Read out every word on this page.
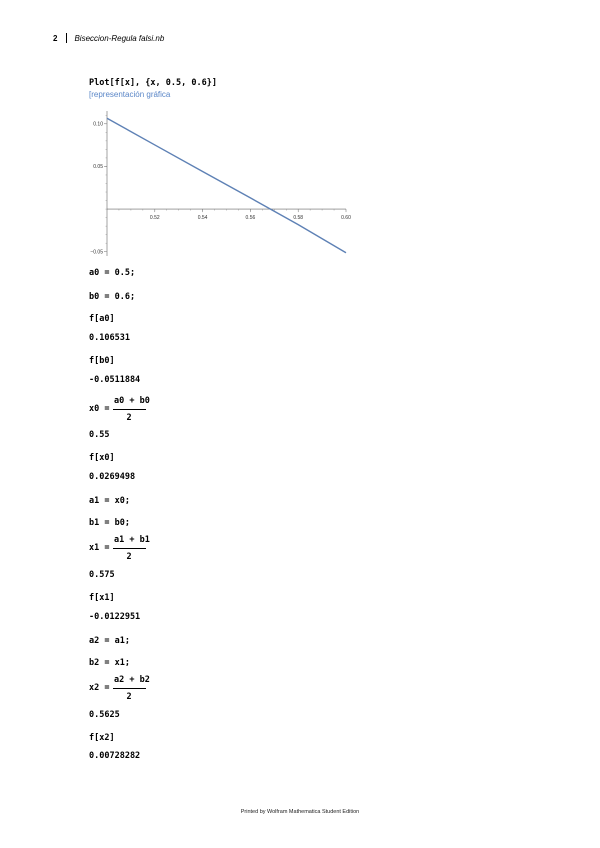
2 Biseccion-Regula falsi.nb
Plot[f[x], {x, 0.5, 0.6}]
[representación gráfica
0.52	0.54	0.56	0.58	0.60
0.10
0.05
−0.05
a0 = 0.5;
b0 = 0.6;
f[a0]
0.106531
f[b0]
-0.0511884
x0 =
a0 + b0
2
0.55
f[x0]
0.0269498
a1 = x0;
b1 = b0;
x1 =
a1 + b1
2
0.575
f[x1]
-0.0122951
a2 = a1;
b2 = x1;
x2 =
a2 + b2
2
0.5625
f[x2]
0.00728282
Printed by Wolfram Mathematica Student Edition
